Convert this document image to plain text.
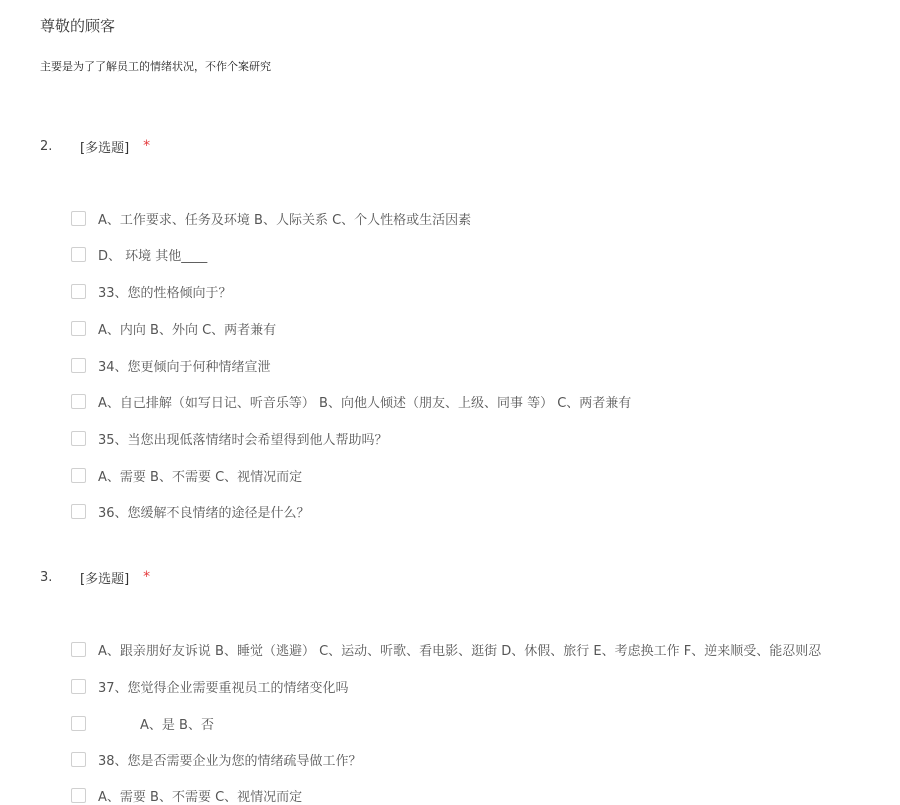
尊敬的顾客
主要是为了了解员工的情绪状况，不作个案研究
2.	[多选题] *
A、工作要求、任务及环境 B、人际关系 C、个人性格或生活因素
D、 环境 其他____
33、您的性格倾向于？
A、内向 B、外向 C、两者兼有
34、您更倾向于何种情绪宣泄
A、自己排解（如写日记、听音乐等） B、向他人倾述（朋友、上级、同事 等） C、两者兼有
35、当您出现低落情绪时会希望得到他人帮助吗？
A、需要 B、不需要 C、视情况而定
36、您缓解不良情绪的途径是什么？
3.	[多选题] *
A、跟亲朋好友诉说 B、睡觉（逃避） C、运动、听歌、看电影、逛街 D、休假、旅行 E、考虑换工作 F、逆来顺受、能忍则忍
37、您觉得企业需要重视员工的情绪变化吗
A、是 B、否
38、您是否需要企业为您的情绪疏导做工作？
A、需要 B、不需要 C、视情况而定
